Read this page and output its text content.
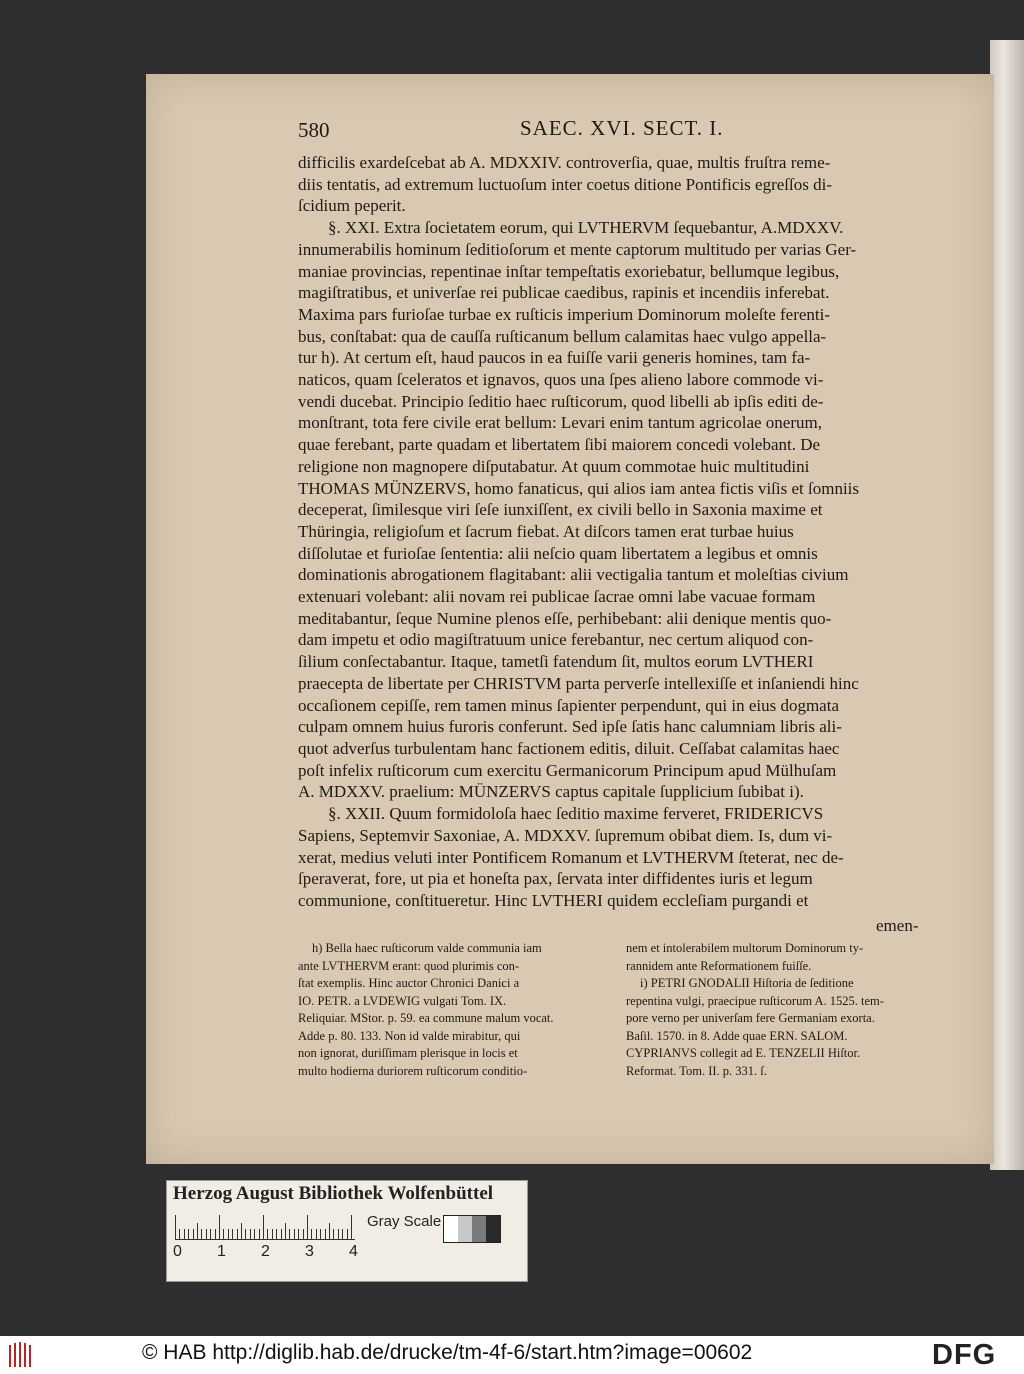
580	SAEC. XVI. SECT. I.

difficilis exardeſcebat ab A. MDXXIV. controverſia, quae, multis fruſtra reme-

diis tentatis, ad extremum luctuoſum inter coetus ditione Pontificis egreſſos di-

ſcidium peperit.

§. XXI. Extra ſocietatem eorum, qui LVTHERVM ſequebantur, A.MDXXV.

innumerabilis hominum ſeditioſorum et mente captorum multitudo per varias Ger-

maniae provincias, repentinae inſtar tempeſtatis exoriebatur, bellumque legibus,

magiſtratibus, et univerſae rei publicae caedibus, rapinis et incendiis inferebat.

Maxima pars furioſae turbae ex ruſticis imperium Dominorum moleſte ferenti-

bus, conſtabat: qua de cauſſa ruſticanum bellum calamitas haec vulgo appella-

tur h). At certum eſt, haud paucos in ea fuiſſe varii generis homines, tam fa-

naticos, quam ſceleratos et ignavos, quos una ſpes alieno labore commode vi-

vendi ducebat. Principio ſeditio haec ruſticorum, quod libelli ab ipſis editi de-

monſtrant, tota fere civile erat bellum: Levari enim tantum agricolae onerum,

quae ferebant, parte quadam et libertatem ſibi maiorem concedi volebant. De

religione non magnopere diſputabatur. At quum commotae huic multitudini

THOMAS MÜNZERVS, homo fanaticus, qui alios iam antea fictis viſis et ſomniis

deceperat, ſimilesque viri ſeſe iunxiſſent, ex civili bello in Saxonia maxime et

Thüringia, religioſum et ſacrum fiebat. At diſcors tamen erat turbae huius

diſſolutae et furioſae ſententia: alii neſcio quam libertatem a legibus et omnis

dominationis abrogationem flagitabant: alii vectigalia tantum et moleſtias civium

extenuari volebant: alii novam rei publicae ſacrae omni labe vacuae formam

meditabantur, ſeque Numine plenos eſſe, perhibebant: alii denique mentis quo-

dam impetu et odio magiſtratuum unice ferebantur, nec certum aliquod con-

ſilium conſectabantur. Itaque, tametſi fatendum ſit, multos eorum LVTHERI

praecepta de libertate per CHRISTVM parta perverſe intellexiſſe et inſaniendi hinc

occaſionem cepiſſe, rem tamen minus ſapienter perpendunt, qui in eius dogmata

culpam omnem huius furoris conferunt. Sed ipſe ſatis hanc calumniam libris ali-

quot adverſus turbulentam hanc factionem editis, diluit. Ceſſabat calamitas haec

poſt infelix ruſticorum cum exercitu Germanicorum Principum apud Mülhuſam

A. MDXXV. praelium: MÜNZERVS captus capitale ſupplicium ſubibat i).

§. XXII. Quum formidoloſa haec ſeditio maxime ferveret, FRIDERICVS

Sapiens, Septemvir Saxoniae, A. MDXXV. ſupremum obibat diem. Is, dum vi-

xerat, medius veluti inter Pontificem Romanum et LVTHERVM ſteterat, nec de-

ſperaverat, fore, ut pia et honeſta pax, ſervata inter diffidentes iuris et legum

communione, conſtitueretur. Hinc LVTHERI quidem eccleſiam purgandi et

emen-

h) Bella haec ruſticorum valde communia iam

ante LVTHERVM erant: quod plurimis con-

ſtat exemplis. Hinc auctor Chronici Danici a

IO. PETR. a LVDEWIG vulgati Tom. IX.

Reliquiar. MStor. p. 59. ea commune malum vocat.

Adde p. 80. 133. Non id valde mirabitur, qui

non ignorat, duriſſimam plerisque in locis et

multo hodierna duriorem ruſticorum conditio-

nem et intolerabilem multorum Dominorum ty-

rannidem ante Reformationem fuiſſe.

i) PETRI GNODALII Hiſtoria de ſeditione

repentina vulgi, praecipue ruſticorum A. 1525. tem-

pore verno per univerſam fere Germaniam exorta.

Baſil. 1570. in 8. Adde quae ERN. SALOM.

CYPRIANVS collegit ad E. TENZELII Hiſtor.

Reformat. Tom. II. p. 331. ſ.

Herzog August Bibliothek Wolfenbüttel
0 1 2 3 4
Gray Scale
© HAB http://diglib.hab.de/drucke/tm-4f-6/start.htm?image=00602	DFG
